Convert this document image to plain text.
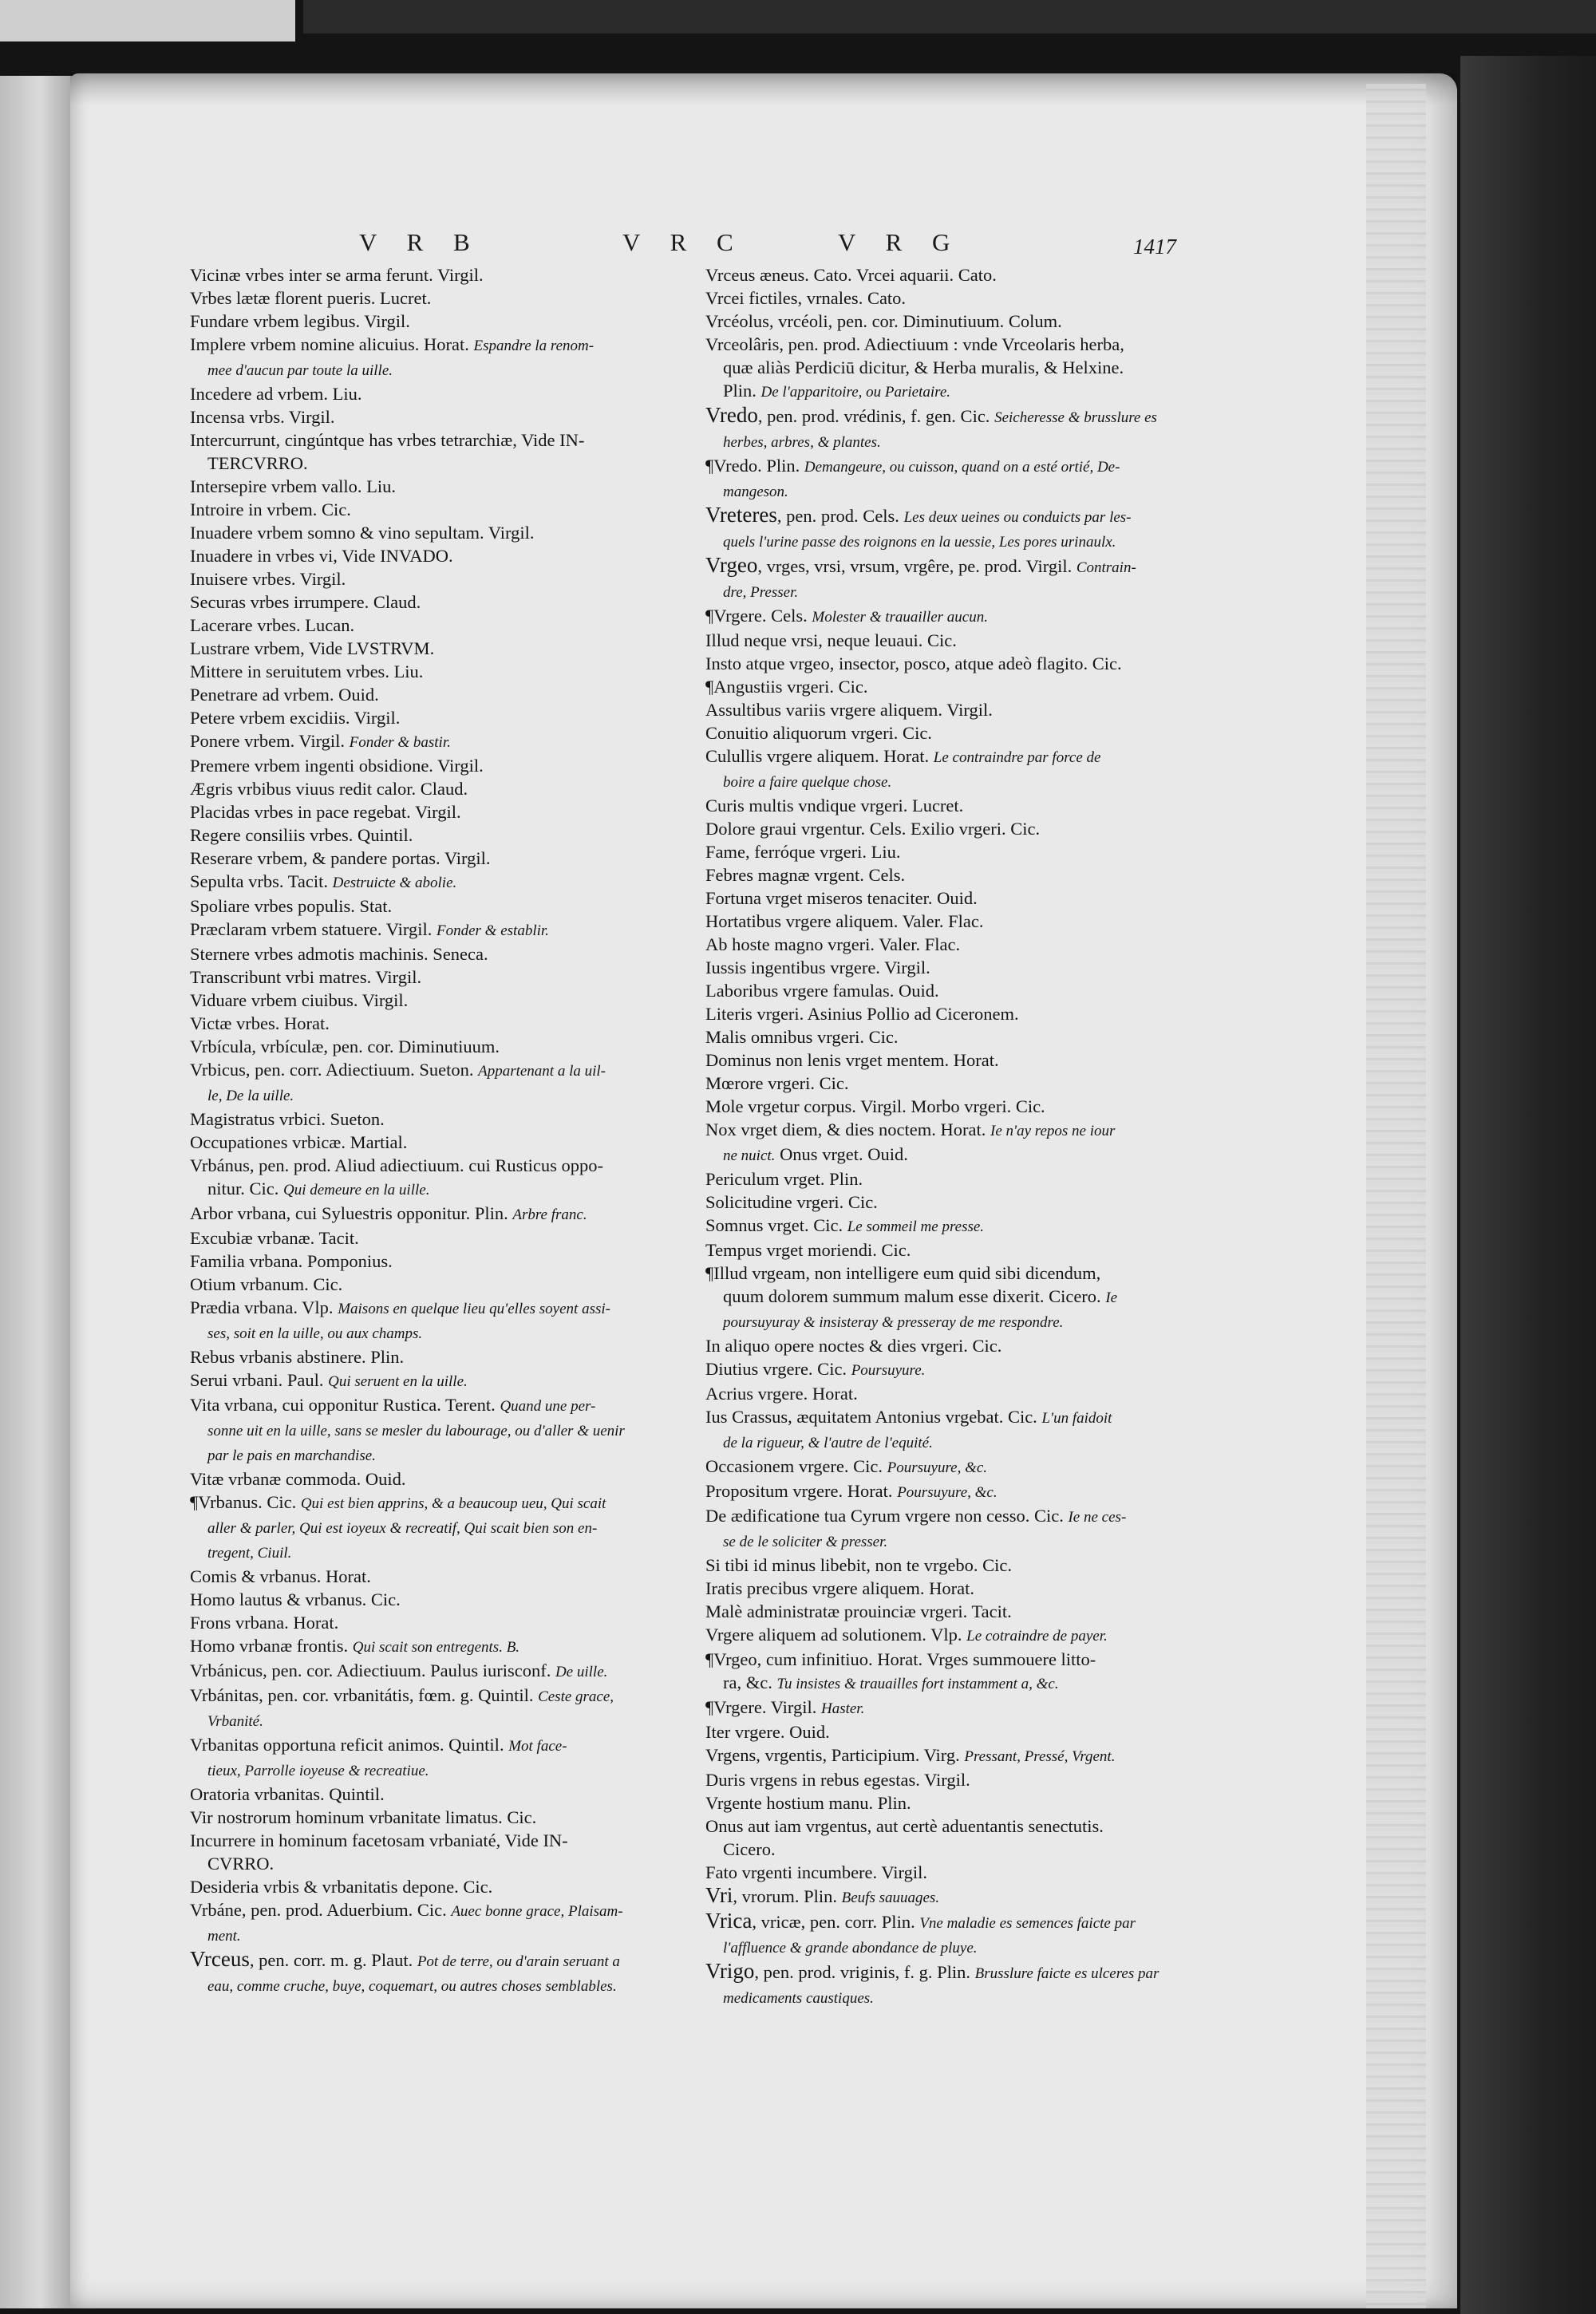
V R B	V R C	V R G	1417
Vicinæ vrbes inter se arma ferunt. Virgil.
Vrbes lætæ florent pueris. Lucret.
Fundare vrbem legibus. Virgil.
Implere vrbem nomine alicuius. Horat. Espandre la renom-
mee d'aucun par toute la uille.
Incedere ad vrbem. Liu.
Incensa vrbs. Virgil.
Intercurrunt, cingúntque has vrbes tetrarchiæ, Vide IN-
TERCVRRO.
Intersepire vrbem vallo. Liu.
Introire in vrbem. Cic.
Inuadere vrbem somno & vino sepultam. Virgil.
Inuadere in vrbes vi, Vide INVADO.
Inuisere vrbes. Virgil.
Securas vrbes irrumpere. Claud.
Lacerare vrbes. Lucan.
Lustrare vrbem, Vide LVSTRVM.
Mittere in seruitutem vrbes. Liu.
Penetrare ad vrbem. Ouid.
Petere vrbem excidiis. Virgil.
Ponere vrbem. Virgil. Fonder & bastir.
Premere vrbem ingenti obsidione. Virgil.
Ægris vrbibus viuus redit calor. Claud.
Placidas vrbes in pace regebat. Virgil.
Regere consiliis vrbes. Quintil.
Reserare vrbem, & pandere portas. Virgil.
Sepulta vrbs. Tacit. Destruicte & abolie.
Spoliare vrbes populis. Stat.
Præclaram vrbem statuere. Virgil. Fonder & establir.
Sternere vrbes admotis machinis. Seneca.
Transcribunt vrbi matres. Virgil.
Viduare vrbem ciuibus. Virgil.
Victæ vrbes. Horat.
Vrbícula, vrbículæ, pen. cor. Diminutiuum.
Vrbicus, pen. corr. Adiectiuum. Sueton. Appartenant a la uil-
le, De la uille.
Magistratus vrbici. Sueton.
Occupationes vrbicæ. Martial.
Vrbánus, pen. prod. Aliud adiectiuum. cui Rusticus oppo-
nitur. Cic. Qui demeure en la uille.
Arbor vrbana, cui Syluestris opponitur. Plin. Arbre franc.
Excubiæ vrbanæ. Tacit.
Familia vrbana. Pomponius.
Otium vrbanum. Cic.
Prædia vrbana. Vlp. Maisons en quelque lieu qu'elles soyent assi-
ses, soit en la uille, ou aux champs.
Rebus vrbanis abstinere. Plin.
Serui vrbani. Paul. Qui seruent en la uille.
Vita vrbana, cui opponitur Rustica. Terent. Quand une per-
sonne uit en la uille, sans se mesler du labourage, ou d'aller & uenir
par le pais en marchandise.
Vitæ vrbanæ commoda. Ouid.
¶Vrbanus. Cic. Qui est bien apprins, & a beaucoup ueu, Qui scait
aller & parler, Qui est ioyeux & recreatif, Qui scait bien son en-
tregent, Ciuil.
Comis & vrbanus. Horat.
Homo lautus & vrbanus. Cic.
Frons vrbana. Horat.
Homo vrbanæ frontis. Qui scait son entregents. B.
Vrbánicus, pen. cor. Adiectiuum. Paulus iurisconf. De uille.
Vrbánitas, pen. cor. vrbanitátis, fœm. g. Quintil. Ceste grace,
Vrbanité.
Vrbanitas opportuna reficit animos. Quintil. Mot face-
tieux, Parrolle ioyeuse & recreatiue.
Oratoria vrbanitas. Quintil.
Vir nostrorum hominum vrbanitate limatus. Cic.
Incurrere in hominum facetosam vrbaniaté, Vide IN-
CVRRO.
Desideria vrbis & vrbanitatis depone. Cic.
Vrbáne, pen. prod. Aduerbium. Cic. Auec bonne grace, Plaisam-
ment.
Vrceus, pen. corr. m. g. Plaut. Pot de terre, ou d'arain seruant a
eau, comme cruche, buye, coquemart, ou autres choses semblables.
Vrceus æneus. Cato. Vrcei aquarii. Cato.
Vrcei fictiles, vrnales. Cato.
Vrcéolus, vrcéoli, pen. cor. Diminutiuum. Colum.
Vrceolâris, pen. prod. Adiectiuum : vnde Vrceolaris herba,
quæ aliàs Perdiciū dicitur, & Herba muralis, & Helxine.
Plin. De l'apparitoire, ou Parietaire.
Vredo, pen. prod. vrédinis, f. gen. Cic. Seicheresse & brusslure es
herbes, arbres, & plantes.
¶Vredo. Plin. Demangeure, ou cuisson, quand on a esté ortié, De-
mangeson.
Vreteres, pen. prod. Cels. Les deux ueines ou conduicts par les-
quels l'urine passe des roignons en la uessie, Les pores urinaulx.
Vrgeo, vrges, vrsi, vrsum, vrgêre, pe. prod. Virgil. Contrain-
dre, Presser.
¶Vrgere. Cels. Molester & trauailler aucun.
Illud neque vrsi, neque leuaui. Cic.
Insto atque vrgeo, insector, posco, atque adeò flagito. Cic.
¶Angustiis vrgeri. Cic.
Assultibus variis vrgere aliquem. Virgil.
Conuitio aliquorum vrgeri. Cic.
Culullis vrgere aliquem. Horat. Le contraindre par force de
boire a faire quelque chose.
Curis multis vndique vrgeri. Lucret.
Dolore graui vrgentur. Cels. Exilio vrgeri. Cic.
Fame, ferróque vrgeri. Liu.
Febres magnæ vrgent. Cels.
Fortuna vrget miseros tenaciter. Ouid.
Hortatibus vrgere aliquem. Valer. Flac.
Ab hoste magno vrgeri. Valer. Flac.
Iussis ingentibus vrgere. Virgil.
Laboribus vrgere famulas. Ouid.
Literis vrgeri. Asinius Pollio ad Ciceronem.
Malis omnibus vrgeri. Cic.
Dominus non lenis vrget mentem. Horat.
Mœrore vrgeri. Cic.
Mole vrgetur corpus. Virgil. Morbo vrgeri. Cic.
Nox vrget diem, & dies noctem. Horat. Ie n'ay repos ne iour
ne nuict. Onus vrget. Ouid.
Periculum vrget. Plin.
Solicitudine vrgeri. Cic.
Somnus vrget. Cic. Le sommeil me presse.
Tempus vrget moriendi. Cic.
¶Illud vrgeam, non intelligere eum quid sibi dicendum,
quum dolorem summum malum esse dixerit. Cicero. Ie
poursuyuray & insisteray & presseray de me respondre.
In aliquo opere noctes & dies vrgeri. Cic.
Diutius vrgere. Cic. Poursuyure.
Acrius vrgere. Horat.
Ius Crassus, æquitatem Antonius vrgebat. Cic. L'un faidoit
de la rigueur, & l'autre de l'equité.
Occasionem vrgere. Cic. Poursuyure, &c.
Propositum vrgere. Horat. Poursuyure, &c.
De ædificatione tua Cyrum vrgere non cesso. Cic. Ie ne ces-
se de le soliciter & presser.
Si tibi id minus libebit, non te vrgebo. Cic.
Iratis precibus vrgere aliquem. Horat.
Malè administratæ prouinciæ vrgeri. Tacit.
Vrgere aliquem ad solutionem. Vlp. Le cotraindre de payer.
¶Vrgeo, cum infinitiuo. Horat. Vrges summouere litto-
ra, &c. Tu insistes & trauailles fort instamment a, &c.
¶Vrgere. Virgil. Haster.
Iter vrgere. Ouid.
Vrgens, vrgentis, Participium. Virg. Pressant, Pressé, Vrgent.
Duris vrgens in rebus egestas. Virgil.
Vrgente hostium manu. Plin.
Onus aut iam vrgentus, aut certè aduentantis senectutis.
Cicero.
Fato vrgenti incumbere. Virgil.
Vri, vrorum. Plin. Beufs sauuages.
Vrica, vricæ, pen. corr. Plin. Vne maladie es semences faicte par
l'affluence & grande abondance de pluye.
Vrigo, pen. prod. vriginis, f. g. Plin. Brusslure faicte es ulceres par
medicaments caustiques.
